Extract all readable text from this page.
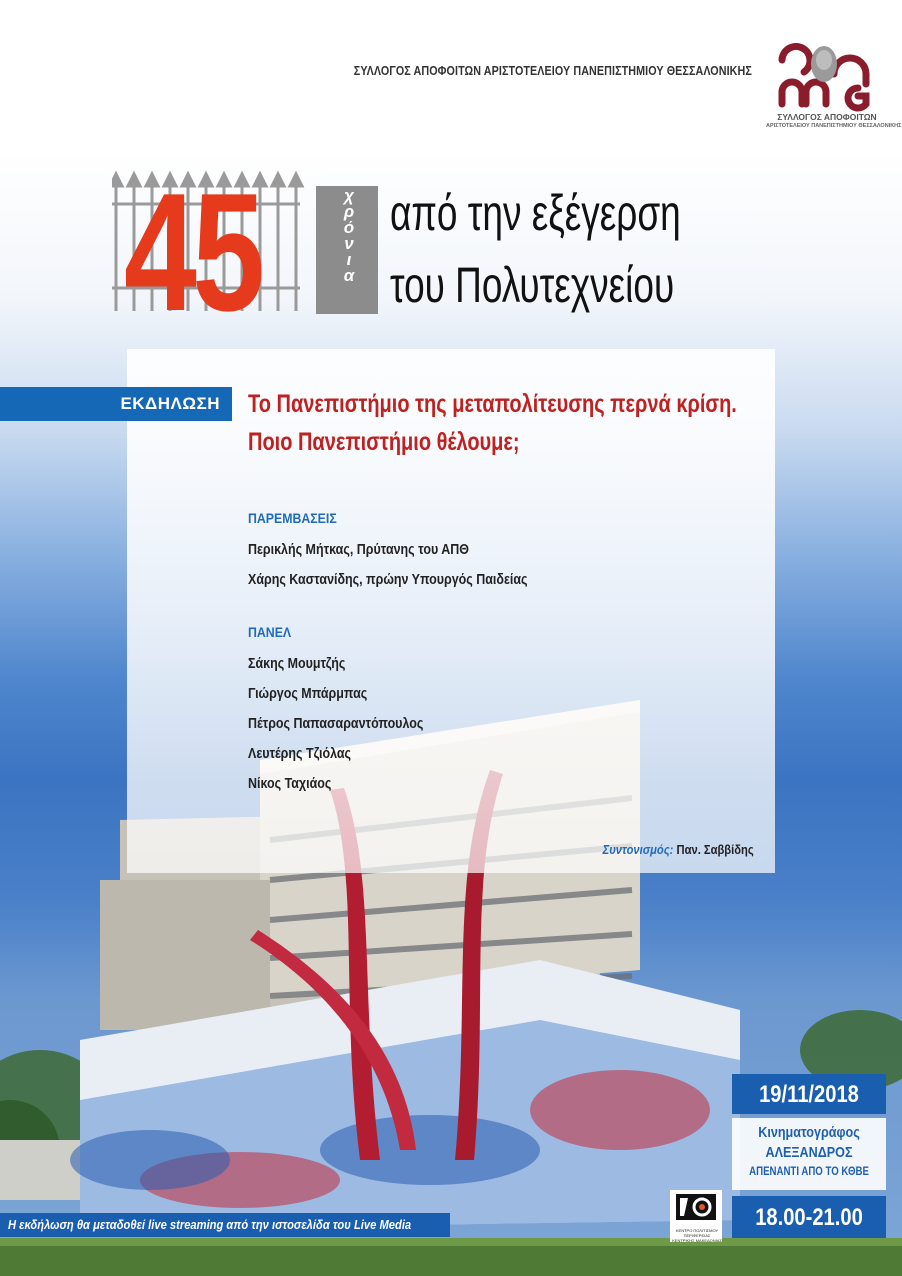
ΣΥΛΛΟΓΟΣ ΑΠΟΦΟΙΤΩΝ ΑΡΙΣΤΟΤΕΛΕΙΟΥ ΠΑΝΕΠΙΣΤΗΜΙΟΥ ΘΕΣΣΑΛΟΝΙΚΗΣ
ΣΥΛΛΟΓΟΣ ΑΠΟΦΟΙΤΩΝ
ΑΡΙΣΤΟΤΕΛΕΙΟΥ ΠΑΝΕΠΙΣΤΗΜΙΟΥ ΘΕΣΣΑΛΟΝΙΚΗΣ
45	χρόνια
από την εξέγερση
του Πολυτεχνείου
ΕΚΔΗΛΩΣΗ Το Πανεπιστήμιο της μεταπολίτευσης περνά κρίση.
Ποιο Πανεπιστήμιο θέλουμε;
ΠΑΡΕΜΒΑΣΕΙΣ
Περικλής Μήτκας, Πρύτανης του ΑΠΘ
Χάρης Καστανίδης, πρώην Υπουργός Παιδείας
ΠΑΝΕΛ
Σάκης Μουμτζής
Γιώργος Μπάρμπας
Πέτρος Παπασαραντόπουλος
Λευτέρης Τζιόλας
Νίκος Ταχιάος
Συντονισμός: Παν. Σαββίδης
19/11/2018
Κινηματογράφος
ΑΛΕΞΑΝΔΡΟΣ
ΑΠΕΝΑΝΤΙ ΑΠΟ ΤΟ ΚΘΒΕ
18.00-21.00
ΚΕΝΤΡΟ ΠΟΛΙΤΙΣΜΟΥ ΠΕΡΙΦΕΡΕΙΑΣ ΚΕΝΤΡΙΚΗΣ ΜΑΚΕΔΟΝΙΑΣ
Η εκδήλωση θα μεταδοθεί live streaming από την ιστοσελίδα του Live Media
